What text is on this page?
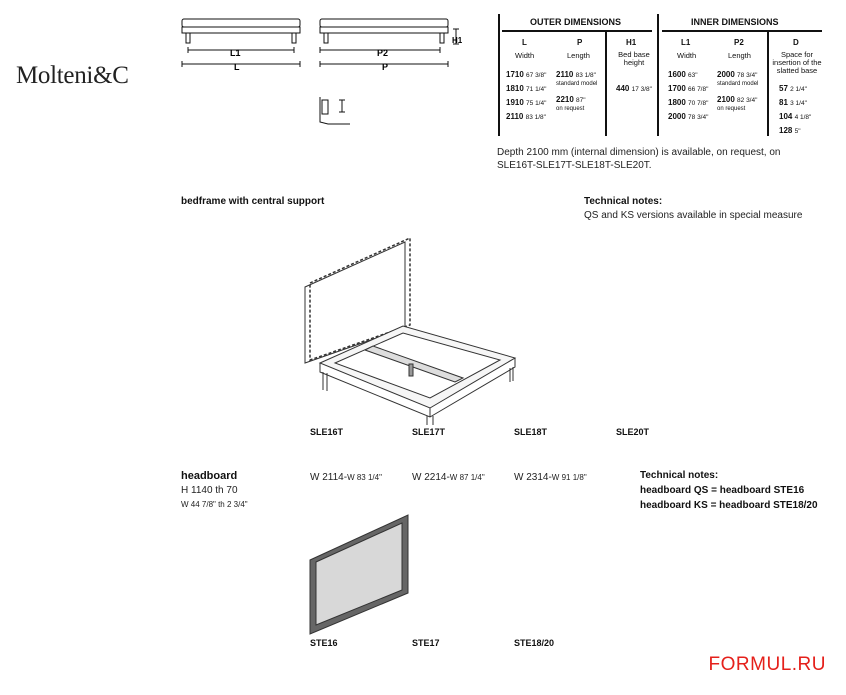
Molteni&C
L1
L
P2
P
H1
OUTER DIMENSIONS	INNER DIMENSIONS
L
Width
P
Length
H1
Bed base height
L1
Width
P2
Length
D
Space for insertion of the slatted base
1710 67 3/8"
1810 71 1/4"
1910 75 1/4"
2110 83 1/8"
2110 83 1/8"
standard model
2210 87"
on request
440 17 3/8"
1600 63"
1700 66 7/8"
1800 70 7/8"
2000 78 3/4"
2000 78 3/4"
standard model
2100 82 3/4"
on request
57 2 1/4"
81 3 1/4"
104 4 1/8"
128 5"
Depth 2100 mm (internal dimension) is available, on request, on SLE16T-SLE17T-SLE18T-SLE20T.
bedframe with central support	Technical notes:
QS and KS versions available in special measure
SLE16T	SLE17T	SLE18T	SLE20T
headboard
H 1140 th 70
W 44 7/8" th 2 3/4"
W 2114-W 83 1/4"	W 2214-W 87 1/4"	W 2314-W 91 1/8"	Technical notes:
headboard QS = headboard STE16
headboard KS = headboard STE18/20
STE16	STE17	STE18/20
FORMUL.RU
